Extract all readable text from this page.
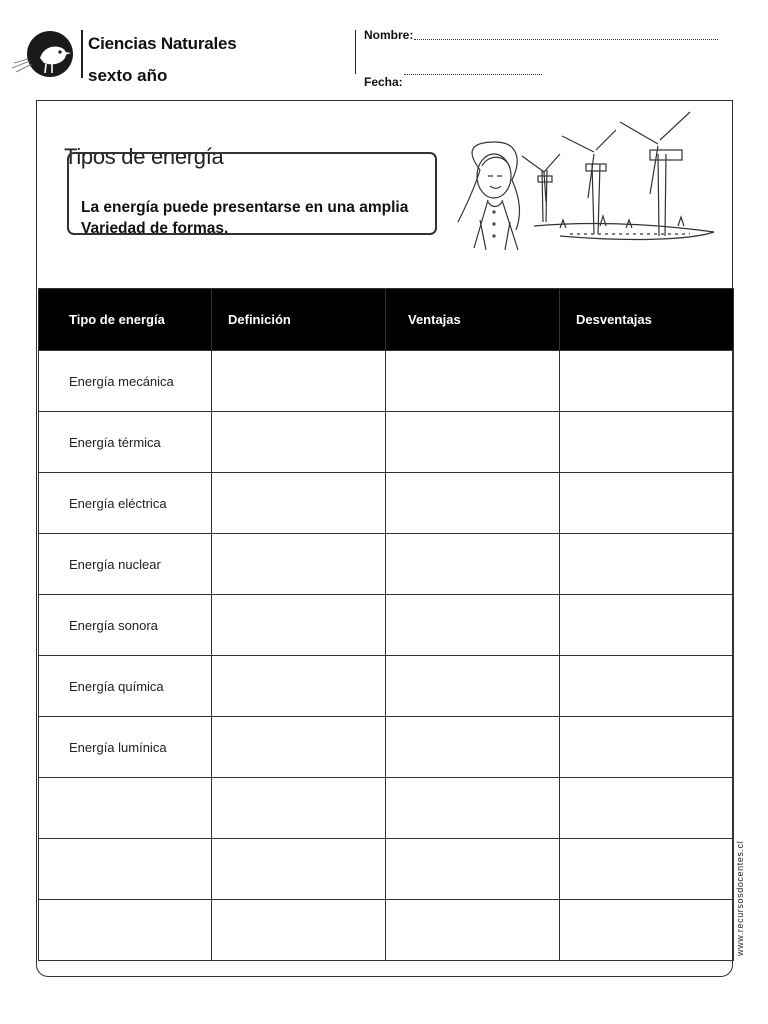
Ciencias Naturales
sexto año
Nombre:
Fecha:
Tipos de energía
La energía puede presentarse en una amplia
Variedad de formas.
Tipo de energía	Definición	Ventajas	Desventajas

Energía mecánica			

Energía térmica			

Energía eléctrica			

Energía nuclear			

Energía sonora			

Energía química			

Energía lumínica			

www.recursosdocentes.cl
